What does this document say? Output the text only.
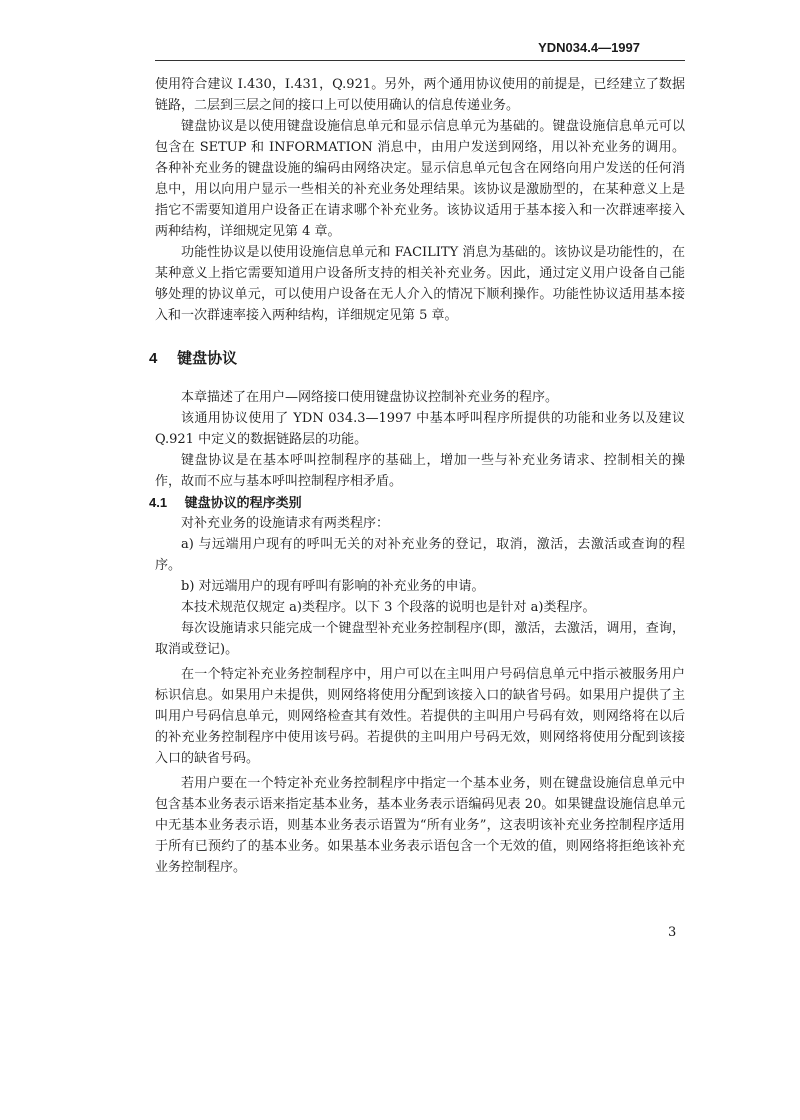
YDN034.4—1997

使用符合建议 I.430，I.431，Q.921。另外，两个通用协议使用的前提是，已经建立了数据链路，二层到三层之间的接口上可以使用确认的信息传递业务。

键盘协议是以使用键盘设施信息单元和显示信息单元为基础的。键盘设施信息单元可以包含在 SETUP 和 INFORMATION 消息中，由用户发送到网络，用以补充业务的调用。各种补充业务的键盘设施的编码由网络决定。显示信息单元包含在网络向用户发送的任何消息中，用以向用户显示一些相关的补充业务处理结果。该协议是激励型的，在某种意义上是指它不需要知道用户设备正在请求哪个补充业务。该协议适用于基本接入和一次群速率接入两种结构，详细规定见第 4 章。

功能性协议是以使用设施信息单元和 FACILITY 消息为基础的。该协议是功能性的，在某种意义上指它需要知道用户设备所支持的相关补充业务。因此，通过定义用户设备自己能够处理的协议单元，可以使用户设备在无人介入的情况下顺利操作。功能性协议适用基本接入和一次群速率接入两种结构，详细规定见第 5 章。

4 键盘协议

本章描述了在用户—网络接口使用键盘协议控制补充业务的程序。

该通用协议使用了 YDN 034.3—1997 中基本呼叫程序所提供的功能和业务以及建议 Q.921 中定义的数据链路层的功能。

键盘协议是在基本呼叫控制程序的基础上，增加一些与补充业务请求、控制相关的操作，故而不应与基本呼叫控制程序相矛盾。

4.1 键盘协议的程序类别

对补充业务的设施请求有两类程序：

a) 与远端用户现有的呼叫无关的对补充业务的登记，取消，激活，去激活或查询的程序。

b) 对远端用户的现有呼叫有影响的补充业务的申请。

本技术规范仅规定 a)类程序。以下 3 个段落的说明也是针对 a)类程序。

每次设施请求只能完成一个键盘型补充业务控制程序(即，激活，去激活，调用，查询，取消或登记)。

在一个特定补充业务控制程序中，用户可以在主叫用户号码信息单元中指示被服务用户标识信息。如果用户未提供，则网络将使用分配到该接入口的缺省号码。如果用户提供了主叫用户号码信息单元，则网络检查其有效性。若提供的主叫用户号码有效，则网络将在以后的补充业务控制程序中使用该号码。若提供的主叫用户号码无效，则网络将使用分配到该接入口的缺省号码。

若用户要在一个特定补充业务控制程序中指定一个基本业务，则在键盘设施信息单元中包含基本业务表示语来指定基本业务，基本业务表示语编码见表 20。如果键盘设施信息单元中无基本业务表示语，则基本业务表示语置为“所有业务”，这表明该补充业务控制程序适用于所有已预约了的基本业务。如果基本业务表示语包含一个无效的值，则网络将拒绝该补充业务控制程序。

3
